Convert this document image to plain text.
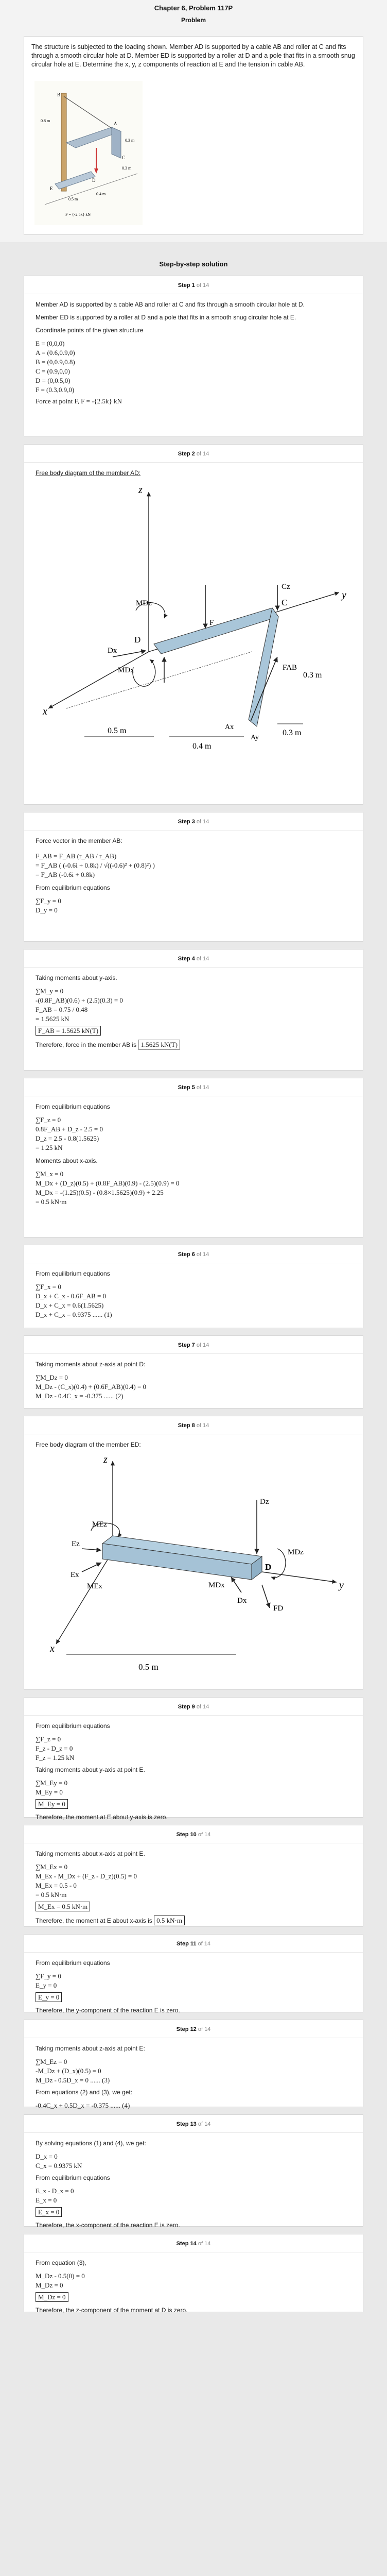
Chapter 6, Problem 117P
Problem

The structure is subjected to the loading shown. Member AD is supported by a cable AB and roller at C and fits through a smooth circular hole at D. Member ED is supported by a roller at D and a pole that fits in a smooth snug circular hole at E. Determine the x, y, z components of reaction at E and the tension in cable AB.

B
A
C
D
E
0.5 m
0.4 m
0.3 m
0.3 m
0.8 m
F = {-2.5k} kN
Step-by-step solution
Step 1 of 14

Member AD is supported by a cable AB and roller at C and fits through a smooth circular hole at D.

Member ED is supported by a roller at D and a pole that fits in a smooth snug circular hole at E.

Coordinate points of the given structure

E = (0,0,0)
A = (0.6,0.9,0)
B = (0,0.9,0.8)
C = (0.9,0,0)
D = (0,0.5,0)
F = (0.3,0.9,0)
Force at point F, F = -{2.5k} kN
Step 2 of 14

Free body diagram of the member AD:

z
y
x
D
C
Ay
Ax
F
Cz
MDx
MDz
Dx
FAB
0.5 m
0.4 m
0.3 m
0.3 m
Step 3 of 14

Force vector in the member AB:

F_AB = F_AB (r_AB / r_AB)
= F_AB ( (-0.6i + 0.8k) / √((-0.6)² + (0.8)²) )
= F_AB (-0.6i + 0.8k)

From equilibrium equations

∑F_y = 0
D_y = 0
Step 4 of 14

Taking moments about y-axis.

∑M_y = 0
-(0.8F_AB)(0.6) + (2.5)(0.3) = 0
F_AB = 0.75 / 0.48
= 1.5625 kN
F_AB = 1.5625 kN(T)

Therefore, force in the member AB is 1.5625 kN(T)

Step 5 of 14

From equilibrium equations

∑F_z = 0
0.8F_AB + D_z - 2.5 = 0
D_z = 2.5 - 0.8(1.5625)
= 1.25 kN

Moments about x-axis.

∑M_x = 0
M_Dx + (D_z)(0.5) + (0.8F_AB)(0.9) - (2.5)(0.9) = 0
M_Dx = -(1.25)(0.5) - (0.8×1.5625)(0.9) + 2.25
= 0.5 kN·m
Step 6 of 14

From equilibrium equations

∑F_x = 0
D_x + C_x - 0.6F_AB = 0
D_x + C_x = 0.6(1.5625)
D_x + C_x = 0.9375 ...... (1)
Step 7 of 14

Taking moments about z-axis at point D:

∑M_Dz = 0
M_Dz - (C_x)(0.4) + (0.6F_AB)(0.4) = 0
M_Dz - 0.4C_x = -0.375 ...... (2)
Step 8 of 14

Free body diagram of the member ED:

z
y
x
Ez
MEz
Ex
MEx
Dz
MDz
D
MDx
Dx
FD
0.5 m
Step 9 of 14

From equilibrium equations

∑F_z = 0
F_z - D_z = 0
F_z = 1.25 kN

Taking moments about y-axis at point E.

∑M_Ey = 0
M_Ey = 0
M_Ey = 0

Therefore, the moment at E about y-axis is zero.

Step 10 of 14

Taking moments about x-axis at point E.

∑M_Ex = 0
M_Ex - M_Dx + (F_z - D_z)(0.5) = 0
M_Ex = 0.5 - 0
= 0.5 kN·m
M_Ex = 0.5 kN·m

Therefore, the moment at E about x-axis is 0.5 kN·m

Step 11 of 14

From equilibrium equations

∑F_y = 0
E_y = 0
E_y = 0

Therefore, the y-component of the reaction E is zero.

Step 12 of 14

Taking moments about z-axis at point E:

∑M_Ez = 0
-M_Dz + (D_x)(0.5) = 0
M_Dz - 0.5D_x = 0 ...... (3)

From equations (2) and (3), we get:

-0.4C_x + 0.5D_x = -0.375 ...... (4)
Step 13 of 14

By solving equations (1) and (4), we get:

D_x = 0
C_x = 0.9375 kN

From equilibrium equations

E_x - D_x = 0
E_x = 0
E_x = 0

Therefore, the x-component of the reaction E is zero.

Step 14 of 14

From equation (3),

M_Dz - 0.5(0) = 0
M_Dz = 0
M_Dz = 0

Therefore, the z-component of the moment at D is zero.
